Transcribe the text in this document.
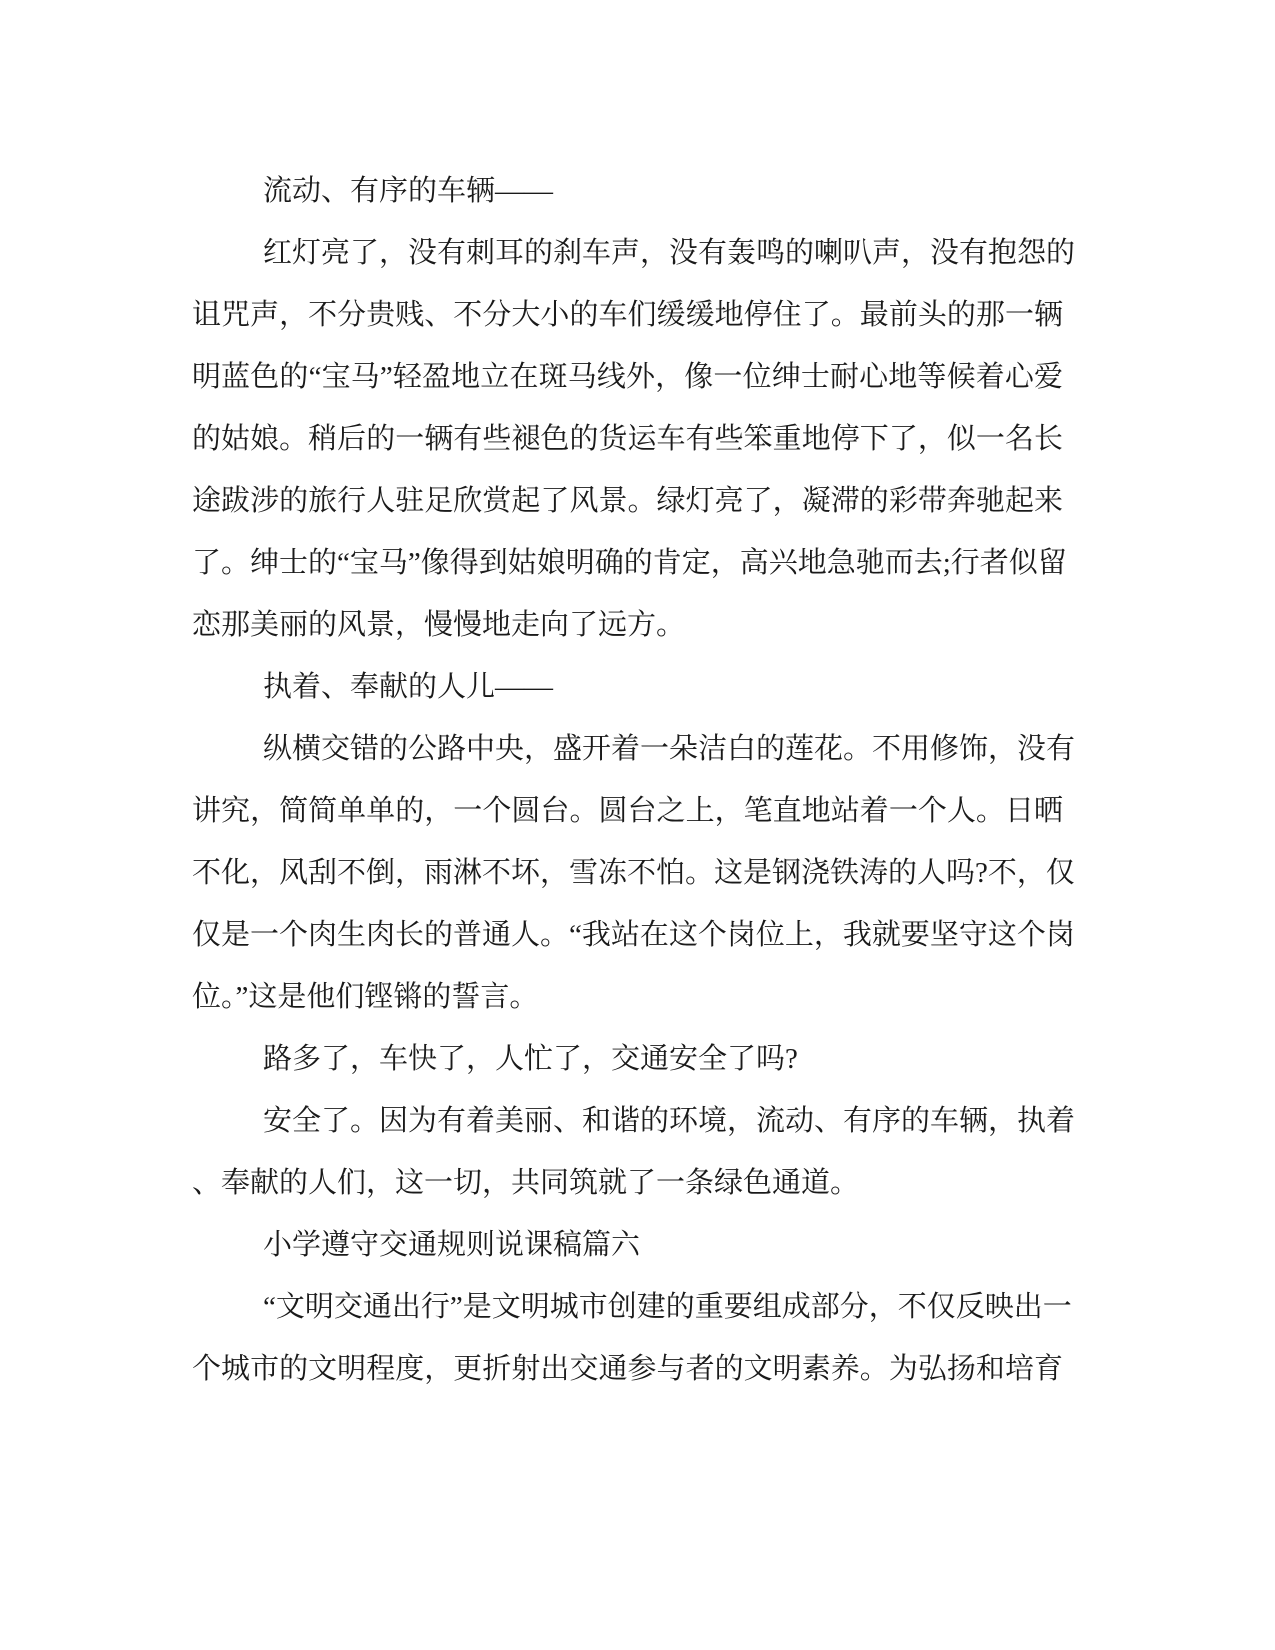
流动、有序的车辆——
红灯亮了，没有刺耳的刹车声，没有轰鸣的喇叭声，没有抱怨的
诅咒声，不分贵贱、不分大小的车们缓缓地停住了。最前头的那一辆
明蓝色的“宝马”轻盈地立在斑马线外，像一位绅士耐心地等候着心爱
的姑娘。稍后的一辆有些褪色的货运车有些笨重地停下了，似一名长
途跋涉的旅行人驻足欣赏起了风景。绿灯亮了，凝滞的彩带奔驰起来
了。绅士的“宝马”像得到姑娘明确的肯定，高兴地急驰而去;行者似留
恋那美丽的风景，慢慢地走向了远方。
执着、奉献的人儿——
纵横交错的公路中央，盛开着一朵洁白的莲花。不用修饰，没有
讲究，简简单单的，一个圆台。圆台之上，笔直地站着一个人。日晒
不化，风刮不倒，雨淋不坏，雪冻不怕。这是钢浇铁涛的人吗?不，仅
仅是一个肉生肉长的普通人。“我站在这个岗位上，我就要坚守这个岗
位。”这是他们铿锵的誓言。
路多了，车快了，人忙了，交通安全了吗?
安全了。因为有着美丽、和谐的环境，流动、有序的车辆，执着
、奉献的人们，这一切，共同筑就了一条绿色通道。
小学遵守交通规则说课稿篇六
“文明交通出行”是文明城市创建的重要组成部分，不仅反映出一
个城市的文明程度，更折射出交通参与者的文明素养。为弘扬和培育
